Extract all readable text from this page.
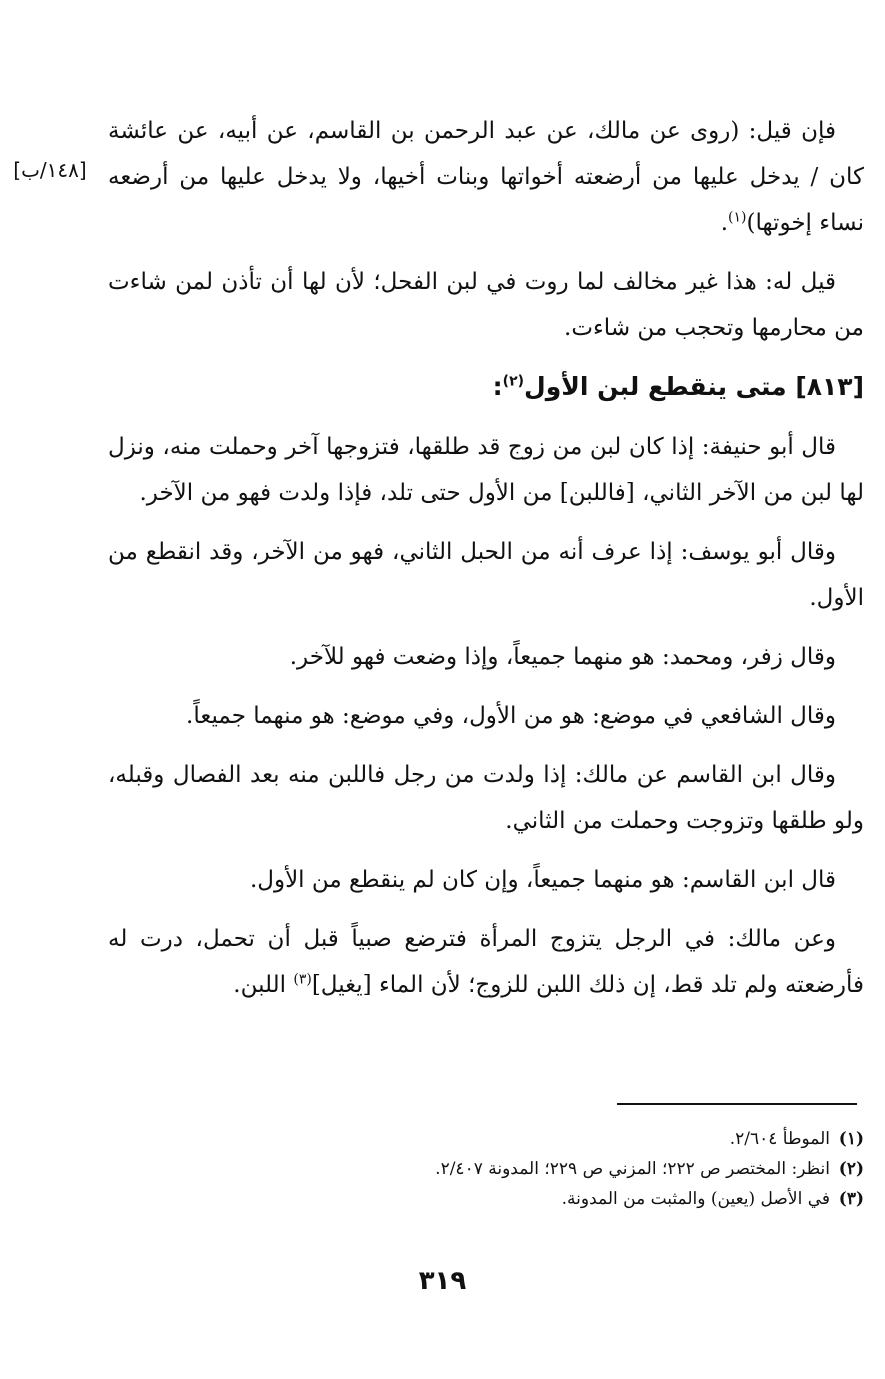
[١٤٨/ب]

فإن قيل: (روى عن مالك، عن عبد الرحمن بن القاسم، عن أبيه، عن عائشة كان / يدخل عليها من أرضعته أخواتها وبنات أخيها، ولا يدخل عليها من أرضعه نساء إخوتها)$^{(١)}$.

قيل له: هذا غير مخالف لما روت في لبن الفحل؛ لأن لها أن تأذن لمن شاءت من محارمها وتحجب من شاءت.

[٨١٣] متى ينقطع لبن الأول$^{(٢)}$:

قال أبو حنيفة: إذا كان لبن من زوج قد طلقها، فتزوجها آخر وحملت منه، ونزل لها لبن من الآخر الثاني، [فاللبن] من الأول حتى تلد، فإذا ولدت فهو من الآخر.

وقال أبو يوسف: إذا عرف أنه من الحبل الثاني، فهو من الآخر، وقد انقطع من الأول.

وقال زفر، ومحمد: هو منهما جميعاً، وإذا وضعت فهو للآخر.

وقال الشافعي في موضع: هو من الأول، وفي موضع: هو منهما جميعاً.

وقال ابن القاسم عن مالك: إذا ولدت من رجل فاللبن منه بعد الفصال وقبله، ولو طلقها وتزوجت وحملت من الثاني.

قال ابن القاسم: هو منهما جميعاً، وإن كان لم ينقطع من الأول.

وعن مالك: في الرجل يتزوج المرأة فترضع صبياً قبل أن تحمل، درت له فأرضعته ولم تلد قط، إن ذلك اللبن للزوج؛ لأن الماء [يغيل]$^{(٣)}$ اللبن.

(١)الموطأ ٢/٦٠٤.

(٢)انظر: المختصر ص ٢٢٢؛ المزني ص ٢٢٩؛ المدونة ٢/٤٠٧.

(٣)في الأصل (يعين) والمثبت من المدونة.

٣١٩
